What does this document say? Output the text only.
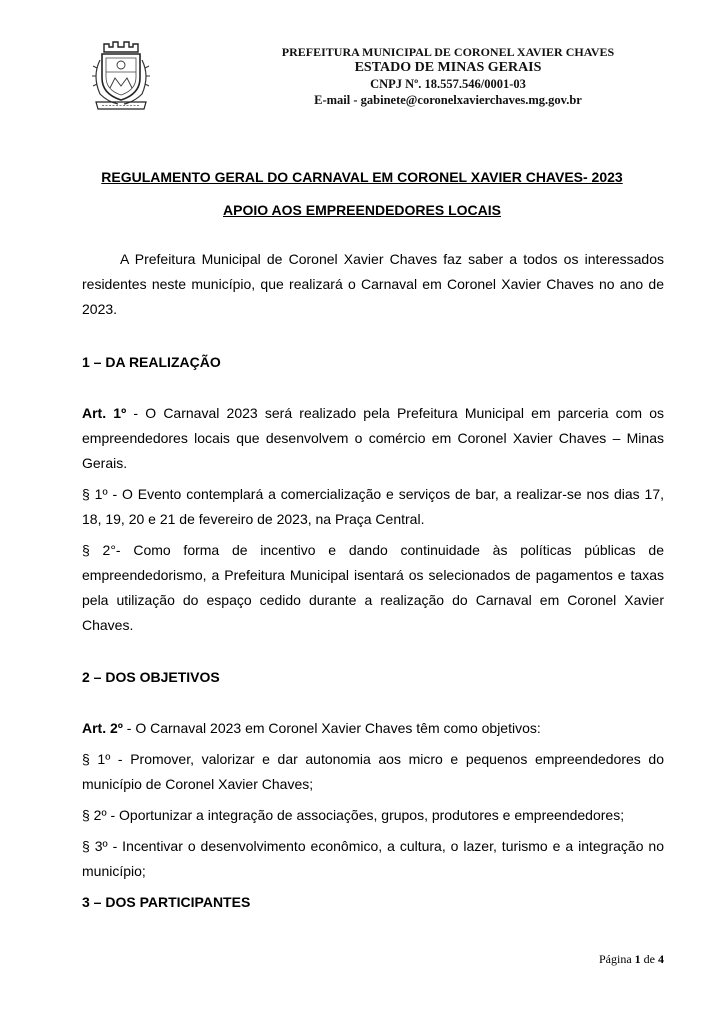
PREFEITURA MUNICIPAL DE CORONEL XAVIER CHAVES
ESTADO DE MINAS GERAIS
CNPJ Nº. 18.557.546/0001-03
E-mail - gabinete@coronelxavierchaves.mg.gov.br
REGULAMENTO GERAL DO CARNAVAL EM CORONEL XAVIER CHAVES- 2023
APOIO AOS EMPREENDEDORES LOCAIS

A Prefeitura Municipal de Coronel Xavier Chaves faz saber a todos os interessados residentes neste município, que realizará o Carnaval em Coronel Xavier Chaves no ano de 2023.

1 – DA REALIZAÇÃO

Art. 1º - O Carnaval 2023 será realizado pela Prefeitura Municipal em parceria com os empreendedores locais que desenvolvem o comércio em Coronel Xavier Chaves – Minas Gerais.

§ 1º - O Evento contemplará a comercialização e serviços de bar, a realizar-se nos dias 17, 18, 19, 20 e 21 de fevereiro de 2023, na Praça Central.

§ 2°- Como forma de incentivo e dando continuidade às políticas públicas de empreendedorismo, a Prefeitura Municipal isentará os selecionados de pagamentos e taxas pela utilização do espaço cedido durante a realização do Carnaval em Coronel Xavier Chaves.

2 – DOS OBJETIVOS

Art. 2º - O Carnaval 2023 em Coronel Xavier Chaves têm como objetivos:

§ 1º - Promover, valorizar e dar autonomia aos micro e pequenos empreendedores do município de Coronel Xavier Chaves;

§ 2º - Oportunizar a integração de associações, grupos, produtores e empreendedores;

§ 3º - Incentivar o desenvolvimento econômico, a cultura, o lazer, turismo e a integração no município;

3 – DOS PARTICIPANTES

Página 1 de 4
